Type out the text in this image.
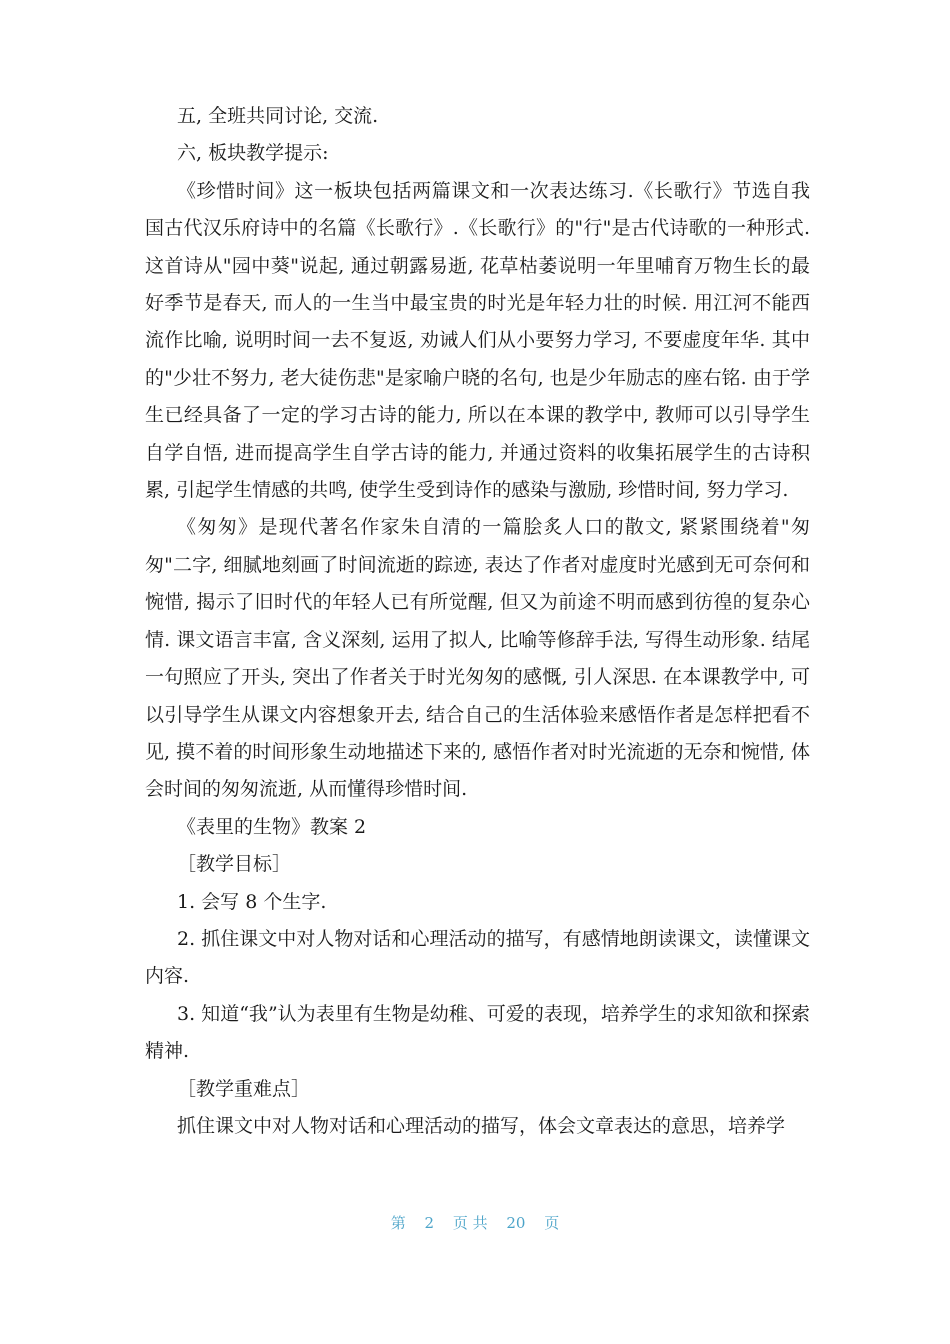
五, 全班共同讨论, 交流.

六, 板块教学提示:

《珍惜时间》这一板块包括两篇课文和一次表达练习.《长歌行》节选自我国古代汉乐府诗中的名篇《长歌行》.《长歌行》的"行"是古代诗歌的一种形式. 这首诗从"园中葵"说起, 通过朝露易逝, 花草枯萎说明一年里哺育万物生长的最好季节是春天, 而人的一生当中最宝贵的时光是年轻力壮的时候. 用江河不能西流作比喻, 说明时间一去不复返, 劝诫人们从小要努力学习, 不要虚度年华. 其中的"少壮不努力, 老大徒伤悲"是家喻户晓的名句, 也是少年励志的座右铭. 由于学生已经具备了一定的学习古诗的能力, 所以在本课的教学中, 教师可以引导学生自学自悟, 进而提高学生自学古诗的能力, 并通过资料的收集拓展学生的古诗积累, 引起学生情感的共鸣, 使学生受到诗作的感染与激励, 珍惜时间, 努力学习.

《匆匆》是现代著名作家朱自清的一篇脍炙人口的散文, 紧紧围绕着"匆匆"二字, 细腻地刻画了时间流逝的踪迹, 表达了作者对虚度时光感到无可奈何和惋惜, 揭示了旧时代的年轻人已有所觉醒, 但又为前途不明而感到彷徨的复杂心情. 课文语言丰富, 含义深刻, 运用了拟人, 比喻等修辞手法, 写得生动形象. 结尾一句照应了开头, 突出了作者关于时光匆匆的感慨, 引人深思. 在本课教学中, 可以引导学生从课文内容想象开去, 结合自己的生活体验来感悟作者是怎样把看不见, 摸不着的时间形象生动地描述下来的, 感悟作者对时光流逝的无奈和惋惜, 体会时间的匆匆流逝, 从而懂得珍惜时间.

《表里的生物》教案 2

［教学目标］

1. 会写 8 个生字.

2. 抓住课文中对人物对话和心理活动的描写，有感情地朗读课文，读懂课文内容.

3. 知道“我”认为表里有生物是幼稚、可爱的表现，培养学生的求知欲和探索精神.

［教学重难点］

抓住课文中对人物对话和心理活动的描写，体会文章表达的意思，培养学

第 2 页 共 20 页
